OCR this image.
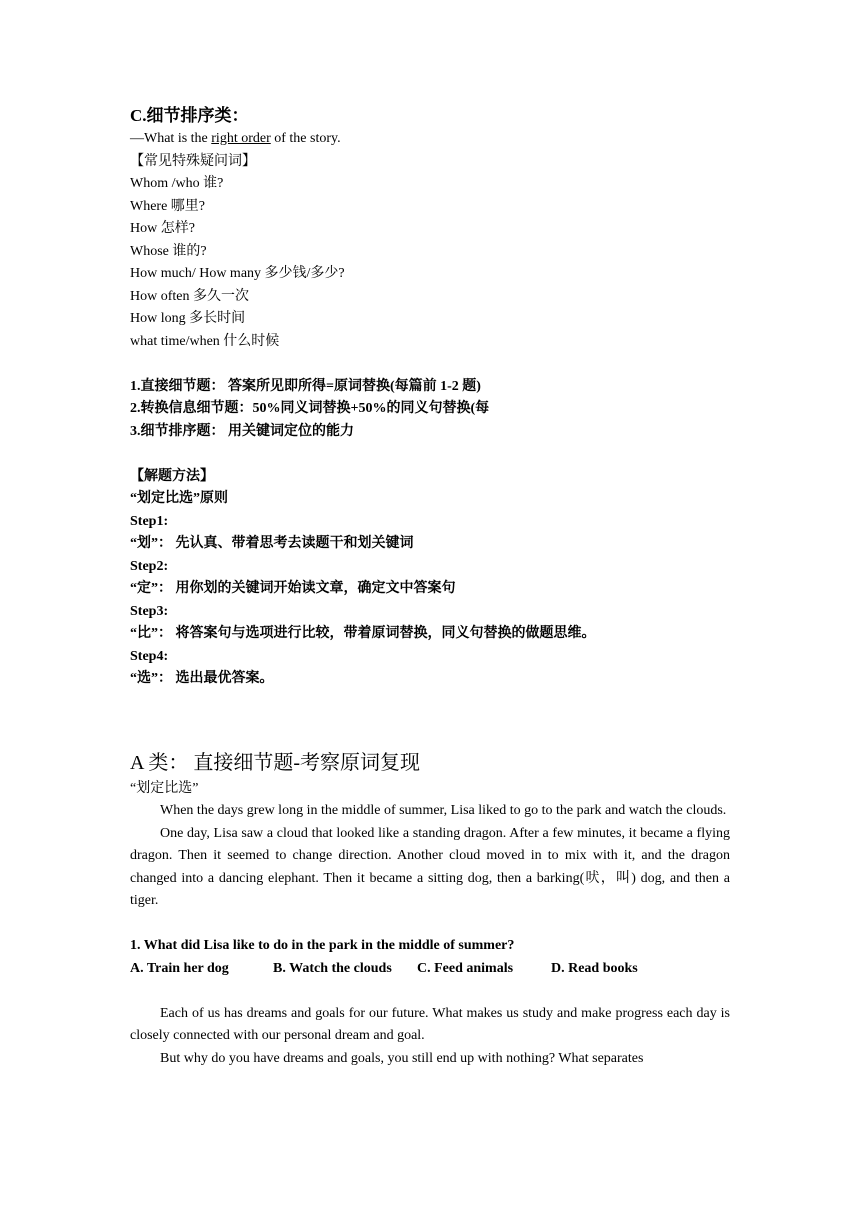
C.细节排序类：
—What is the right order of the story.
【常见特殊疑问词】
Whom /who 谁?
Where 哪里?
How 怎样?
Whose 谁的?
How much/ How many 多少钱/多少?
How often 多久一次
How long 多长时间
what time/when 什么时候
1.直接细节题： 答案所见即所得=原词替换(每篇前 1-2 题)
2.转换信息细节题：50%同义词替换+50%的同义句替换(每
3.细节排序题： 用关键词定位的能力
【解题方法】
“划定比选”原则
Step1:
“划”： 先认真、带着思考去读题干和划关键词
Step2:
“定”： 用你划的关键词开始读文章，确定文中答案句
Step3:
“比”： 将答案句与选项进行比较，带着原词替换，同义句替换的做题思维。
Step4:
“选”： 选出最优答案。
A 类： 直接细节题-考察原词复现
“划定比选”
When the days grew long in the middle of summer, Lisa liked to go to the park and watch the clouds.
One day, Lisa saw a cloud that looked like a standing dragon. After a few minutes, it became a flying dragon. Then it seemed to change direction. Another cloud moved in to mix with it, and the dragon changed into a dancing elephant. Then it became a sitting dog, then a barking(吠，叫) dog, and then a tiger.
1. What did Lisa like to do in the park in the middle of summer?
A. Train her dog	B. Watch the clouds C. Feed animals	D. Read books
Each of us has dreams and goals for our future. What makes us study and make progress each day is closely connected with our personal dream and goal.
But why do you have dreams and goals, you still end up with nothing? What separates
